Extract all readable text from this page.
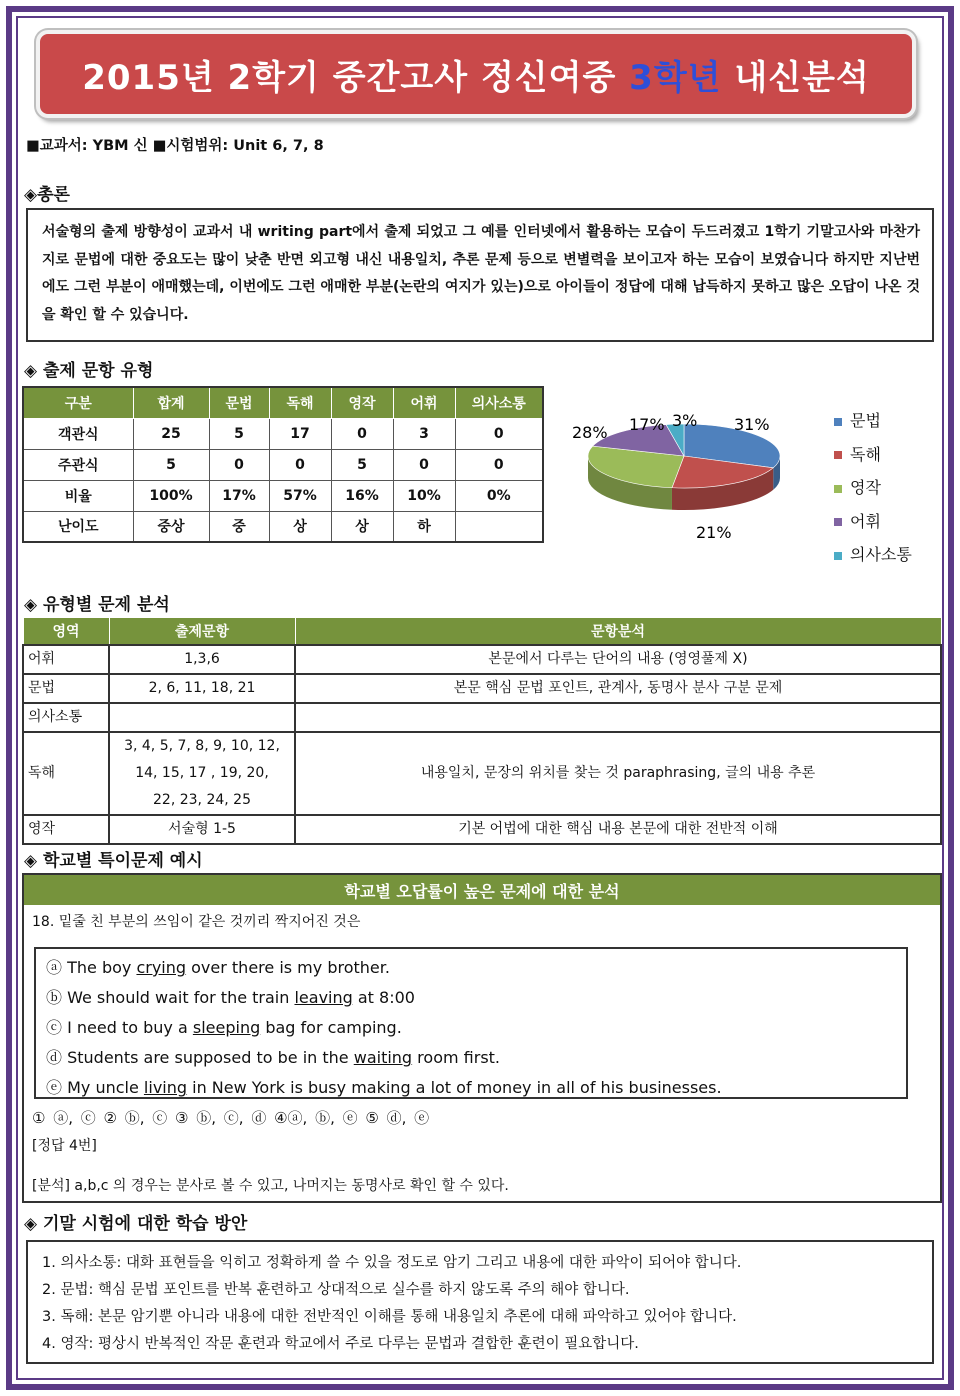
2015년 2학기 중간고사 정신여중 3학년 내신분석
■교과서: YBM 신 ■시험범위: Unit 6, 7, 8
◈총론
서술형의 출제 방향성이 교과서 내 writing part에서 출제 되었고 그 예를 인터넷에서 활용하는 모습이 두드러졌고 1학기 기말고사와 마찬가지로 문법에 대한 중요도는 많이 낮춘 반면 외고형 내신 내용일치, 추론 문제 등으로 변별력을 보이고자 하는 모습이 보였습니다 하지만 지난번에도 그런 부분이 애매했는데, 이번에도 그런 애매한 부분(논란의 여지가 있는)으로 아이들이 정답에 대해 납득하지 못하고 많은 오답이 나온 것을 확인 할 수 있습니다.
◈ 출제 문항 유형
구분	합계	문법	독해	영작	어휘	의사소통
객관식	25	5	17	0	3	0
주관식	5	0	0	5	0	0
비율	100%	17%	57%	16%	10%	0%
난이도	중상	중	상	상	하	
28% 17% 3% 31%
21%
문법
독해
영작
어휘
의사소통
◈ 유형별 문제 분석
영역	출제문항	문항분석
어휘	1,3,6	본문에서 다루는 단어의 내용 (영영풀제 X)
문법	2, 6, 11, 18, 21	본문 핵심 문법 포인트, 관계사, 동명사 분사 구분 문제
의사소통		
독해	3, 4, 5, 7, 8, 9, 10, 12, 14, 15, 17 , 19, 20, 22, 23, 24, 25	내용일치, 문장의 위치를 찾는 것 paraphrasing, 글의 내용 추론
영작	서술형 1-5	기본 어법에 대한 핵심 내용 본문에 대한 전반적 이해
◈ 학교별 특이문제 예시
학교별 오답률이 높은 문제에 대한 분석
18. 밑줄 친 부분의 쓰임이 같은 것끼리 짝지어진 것은
ⓐ The boy crying over there is my brother.
ⓑ We should wait for the train leaving at 8:00
ⓒ I need to buy a sleeping bag for camping.
ⓓ Students are supposed to be in the waiting room first.
ⓔ My uncle living in New York is busy making a lot of money in all of his businesses.
① ⓐ, ⓒ ② ⓑ, ⓒ ③ ⓑ, ⓒ, ⓓ ④ⓐ, ⓑ, ⓔ ⑤ ⓓ, ⓔ
[정답 4번]
[분석] a,b,c 의 경우는 분사로 볼 수 있고, 나머지는 동명사로 확인 할 수 있다.
◈ 기말 시험에 대한 학습 방안
1. 의사소통: 대화 표현들을 익히고 정확하게 쓸 수 있을 정도로 암기 그리고 내용에 대한 파악이 되어야 합니다.
2. 문법: 핵심 문법 포인트를 반복 훈련하고 상대적으로 실수를 하지 않도록 주의 해야 합니다.
3. 독해: 본문 암기뿐 아니라 내용에 대한 전반적인 이해를 통해 내용일치 추론에 대해 파악하고 있어야 합니다.
4. 영작: 평상시 반복적인 작문 훈련과 학교에서 주로 다루는 문법과 결합한 훈련이 필요합니다.
